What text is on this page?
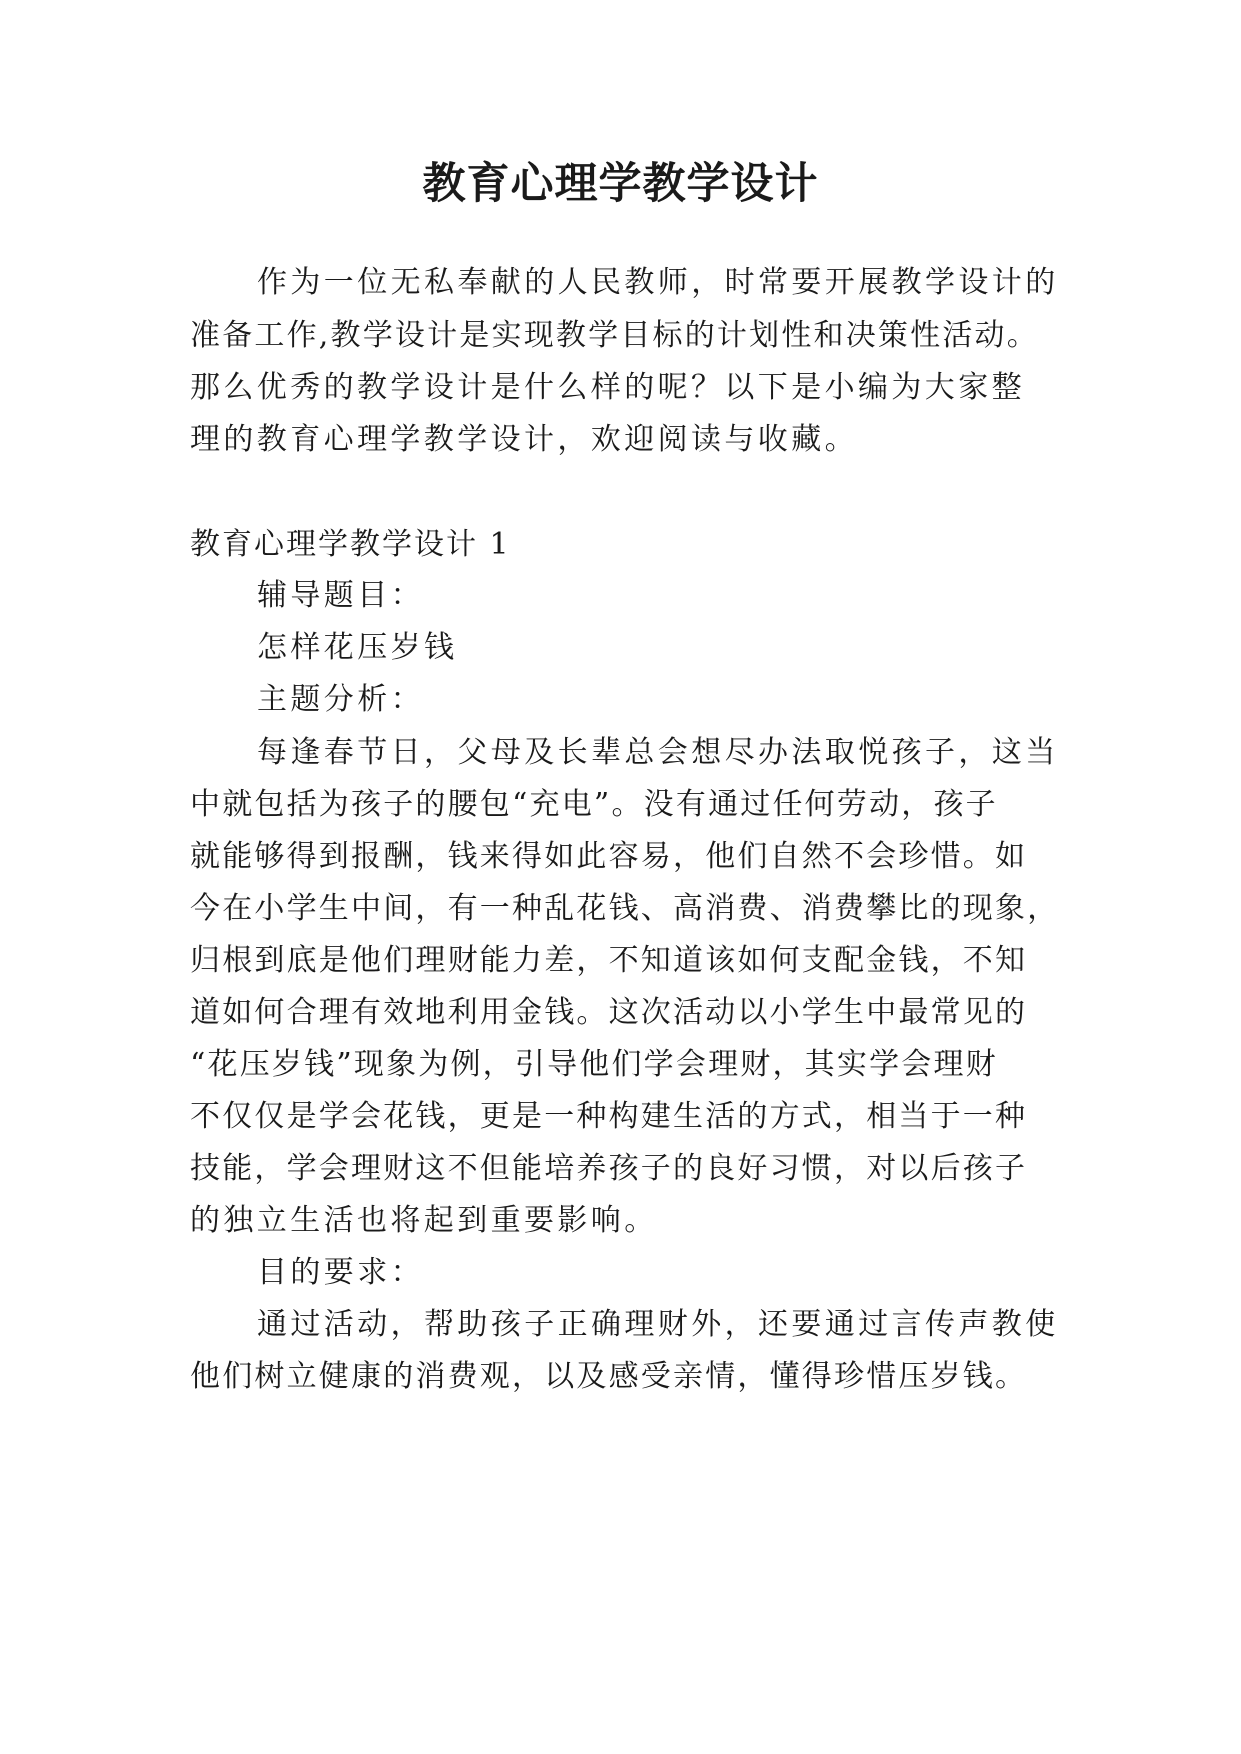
教育心理学教学设计
作为一位无私奉献的人民教师，时常要开展教学设计的
准备工作,教学设计是实现教学目标的计划性和决策性活动。
那么优秀的教学设计是什么样的呢？以下是小编为大家整
理的教育心理学教学设计，欢迎阅读与收藏。
教育心理学教学设计 1
辅导题目：
怎样花压岁钱
主题分析：
每逢春节日，父母及长辈总会想尽办法取悦孩子，这当
中就包括为孩子的腰包“充电”。没有通过任何劳动，孩子
就能够得到报酬，钱来得如此容易，他们自然不会珍惜。如
今在小学生中间，有一种乱花钱、高消费、消费攀比的现象，
归根到底是他们理财能力差，不知道该如何支配金钱，不知
道如何合理有效地利用金钱。这次活动以小学生中最常见的
“花压岁钱”现象为例，引导他们学会理财，其实学会理财
不仅仅是学会花钱，更是一种构建生活的方式，相当于一种
技能，学会理财这不但能培养孩子的良好习惯，对以后孩子
的独立生活也将起到重要影响。
目的要求：
通过活动，帮助孩子正确理财外，还要通过言传声教使
他们树立健康的消费观，以及感受亲情，懂得珍惜压岁钱。
